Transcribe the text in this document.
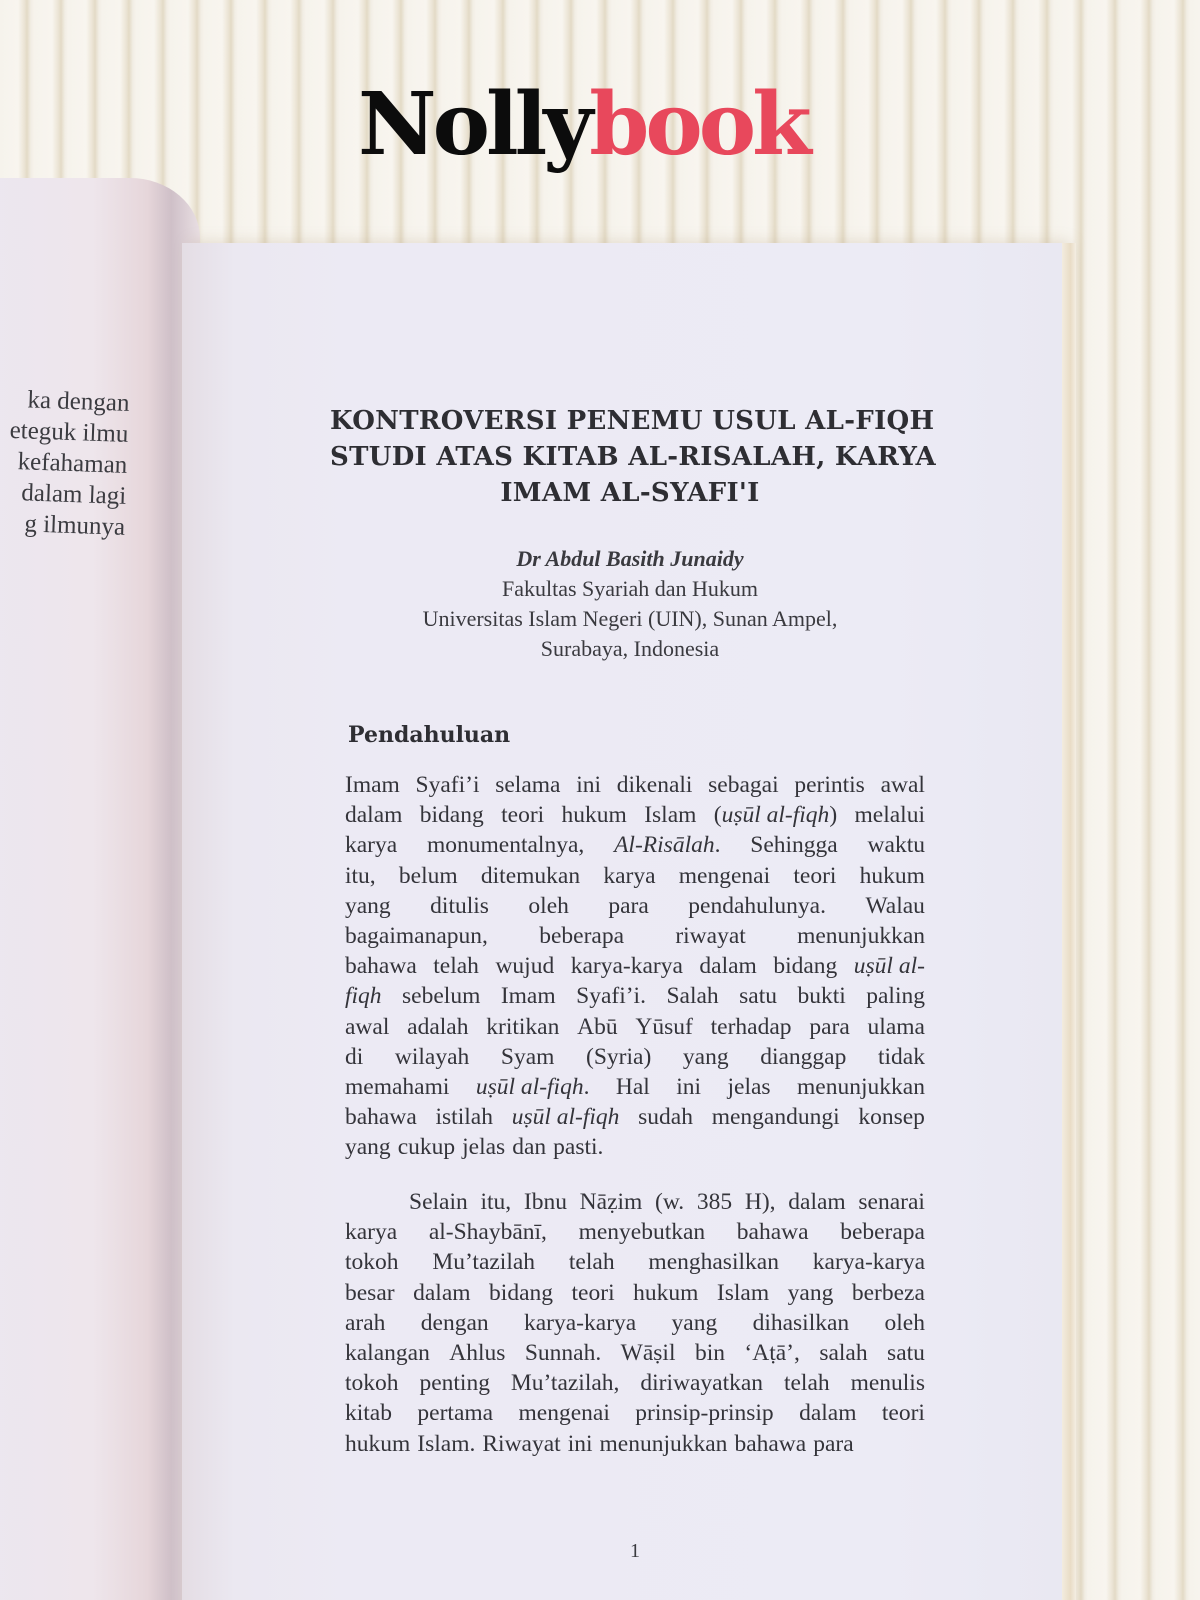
Nollybook
ka dengan
eteguk ilmu
kefahaman
dalam lagi
g ilmunya
KONTROVERSI PENEMU USUL AL-FIQH
STUDI ATAS KITAB AL-RISALAH, KARYA
IMAM AL-SYAFI'I
Dr Abdul Basith Junaidy
Fakultas Syariah dan Hukum
Universitas Islam Negeri (UIN), Sunan Ampel,
Surabaya, Indonesia
Pendahuluan
Imam Syafi’i selama ini dikenali sebagai perintis awal
dalam bidang teori hukum Islam (uṣūl al-fiqh) melalui
karya monumentalnya, Al-Risālah. Sehingga waktu
itu, belum ditemukan karya mengenai teori hukum
yang ditulis oleh para pendahulunya. Walau
bagaimanapun, beberapa riwayat menunjukkan
bahawa telah wujud karya-karya dalam bidang uṣūl al-
fiqh sebelum Imam Syafi’i. Salah satu bukti paling
awal adalah kritikan Abū Yūsuf terhadap para ulama
di wilayah Syam (Syria) yang dianggap tidak
memahami uṣūl al-fiqh. Hal ini jelas menunjukkan
bahawa istilah uṣūl al-fiqh sudah mengandungi konsep
yang cukup jelas dan pasti.
Selain itu, Ibnu Nāẓim (w. 385 H), dalam senarai
karya al-Shaybānī, menyebutkan bahawa beberapa
tokoh Mu’tazilah telah menghasilkan karya-karya
besar dalam bidang teori hukum Islam yang berbeza
arah dengan karya-karya yang dihasilkan oleh
kalangan Ahlus Sunnah. Wāṣil bin ‘Aṭā’, salah satu
tokoh penting Mu’tazilah, diriwayatkan telah menulis
kitab pertama mengenai prinsip-prinsip dalam teori
hukum Islam. Riwayat ini menunjukkan bahawa para
1
